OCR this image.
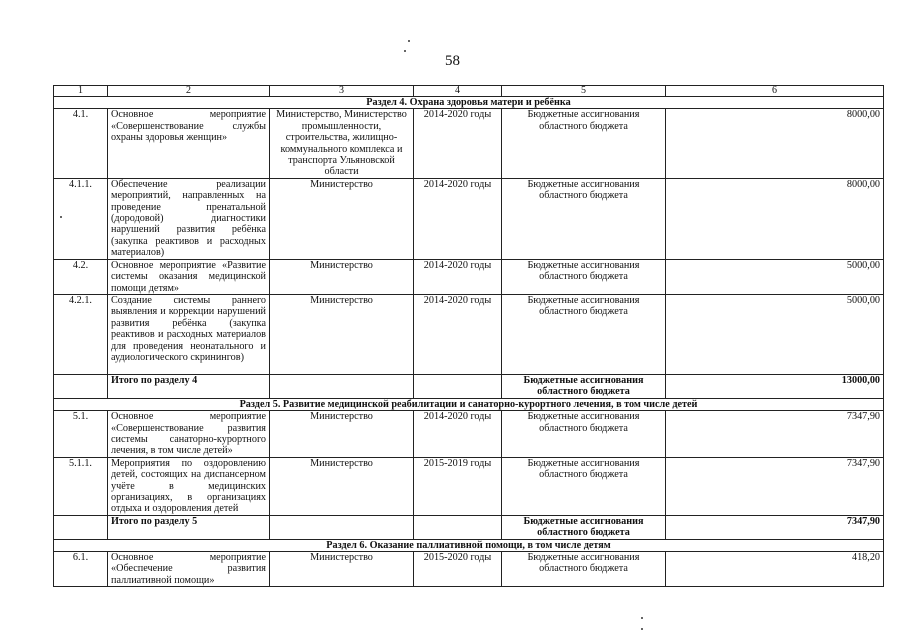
58
1	2	3	4	5	6
Раздел 4. Охрана здоровья матери и ребёнка					
4.1.	Основное мероприятие «Совершенствование службы охраны здоровья женщин»	Министерство, Министерство промышленности, строительства, жилищно-коммунального комплекса и транспорта Ульяновской области	2014-2020 годы	Бюджетные ассигнования областного бюджета	8000,00
4.1.1.	Обеспечение реализации мероприятий, направленных на проведение пренатальной (дородовой) диагностики нарушений развития ребёнка (закупка реактивов и расходных материалов)	Министерство	2014-2020 годы	Бюджетные ассигнования областного бюджета	8000,00
4.2.	Основное мероприятие «Развитие системы оказания медицинской помощи детям»	Министерство	2014-2020 годы	Бюджетные ассигнования областного бюджета	5000,00
4.2.1.	Создание системы раннего выявления и коррекции нарушений развития ребёнка (закупка реактивов и расходных материалов для проведения неонатального и аудиологического скринингов)	Министерство	2014-2020 годы	Бюджетные ассигнования областного бюджета	5000,00
	Итого по разделу 4			Бюджетные ассигнования областного бюджета	13000,00
Раздел 5. Развитие медицинской реабилитации и санаторно-курортного лечения, в том числе детей					
5.1.	Основное мероприятие «Совершенствование развития системы санаторно-курортного лечения, в том числе детей»	Министерство	2014-2020 годы	Бюджетные ассигнования областного бюджета	7347,90
5.1.1.	Мероприятия по оздоровлению детей, состоящих на диспансерном учёте в медицинских организациях, в организациях отдыха и оздоровления детей	Министерство	2015-2019 годы	Бюджетные ассигнования областного бюджета	7347,90
	Итого по разделу 5			Бюджетные ассигнования областного бюджета	7347,90
Раздел 6. Оказание паллиативной помощи, в том числе детям					
6.1.	Основное мероприятие «Обеспечение развития паллиативной помощи»	Министерство	2015-2020 годы	Бюджетные ассигнования областного бюджета	418,20
